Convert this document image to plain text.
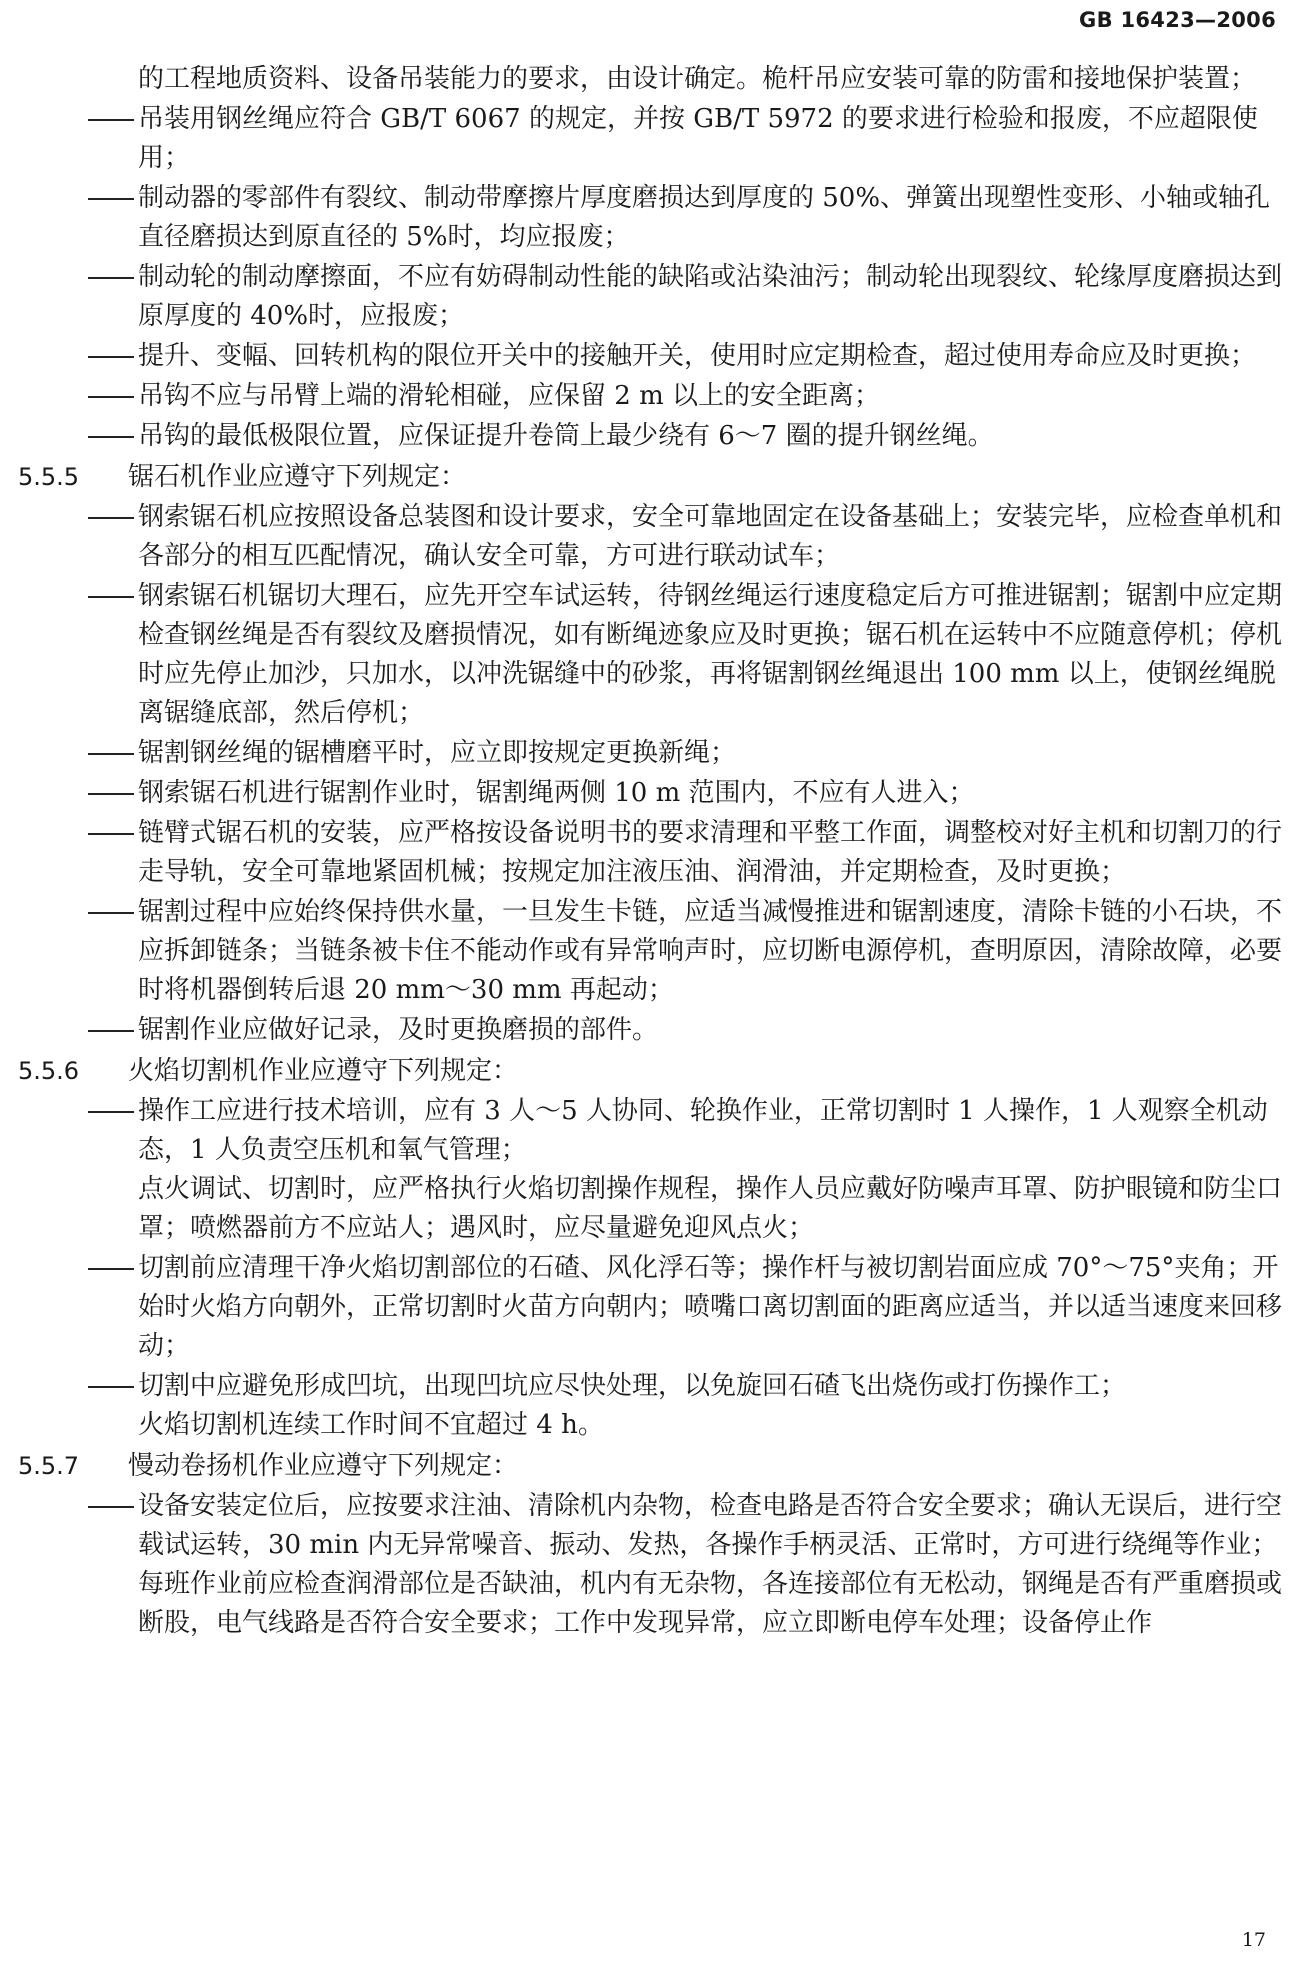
GB 16423—2006

的工程地质资料、设备吊装能力的要求，由设计确定。桅杆吊应安装可靠的防雷和接地保护装置；

吊装用钢丝绳应符合 GB/T 6067 的规定，并按 GB/T 5972 的要求进行检验和报废，不应超限使用；

制动器的零部件有裂纹、制动带摩擦片厚度磨损达到厚度的 50%、弹簧出现塑性变形、小轴或轴孔直径磨损达到原直径的 5%时，均应报废；

制动轮的制动摩擦面，不应有妨碍制动性能的缺陷或沾染油污；制动轮出现裂纹、轮缘厚度磨损达到原厚度的 40%时，应报废；

提升、变幅、回转机构的限位开关中的接触开关，使用时应定期检查，超过使用寿命应及时更换；

吊钩不应与吊臂上端的滑轮相碰，应保留 2 m 以上的安全距离；

吊钩的最低极限位置，应保证提升卷筒上最少绕有 6～7 圈的提升钢丝绳。

5.5.5 锯石机作业应遵守下列规定：

钢索锯石机应按照设备总装图和设计要求，安全可靠地固定在设备基础上；安装完毕，应检查单机和各部分的相互匹配情况，确认安全可靠，方可进行联动试车；

钢索锯石机锯切大理石，应先开空车试运转，待钢丝绳运行速度稳定后方可推进锯割；锯割中应定期检查钢丝绳是否有裂纹及磨损情况，如有断绳迹象应及时更换；锯石机在运转中不应随意停机；停机时应先停止加沙，只加水，以冲洗锯缝中的砂浆，再将锯割钢丝绳退出 100 mm 以上，使钢丝绳脱离锯缝底部，然后停机；

锯割钢丝绳的锯槽磨平时，应立即按规定更换新绳；

钢索锯石机进行锯割作业时，锯割绳两侧 10 m 范围内，不应有人进入；

链臂式锯石机的安装，应严格按设备说明书的要求清理和平整工作面，调整校对好主机和切割刀的行走导轨，安全可靠地紧固机械；按规定加注液压油、润滑油，并定期检查，及时更换；

锯割过程中应始终保持供水量，一旦发生卡链，应适当减慢推进和锯割速度，清除卡链的小石块，不应拆卸链条；当链条被卡住不能动作或有异常响声时，应切断电源停机，查明原因，清除故障，必要时将机器倒转后退 20 mm～30 mm 再起动；

锯割作业应做好记录，及时更换磨损的部件。

5.5.6 火焰切割机作业应遵守下列规定：

操作工应进行技术培训，应有 3 人～5 人协同、轮换作业，正常切割时 1 人操作，1 人观察全机动态，1 人负责空压机和氧气管理；

点火调试、切割时，应严格执行火焰切割操作规程，操作人员应戴好防噪声耳罩、防护眼镜和防尘口罩；喷燃器前方不应站人；遇风时，应尽量避免迎风点火；

切割前应清理干净火焰切割部位的石碴、风化浮石等；操作杆与被切割岩面应成 70°～75°夹角；开始时火焰方向朝外，正常切割时火苗方向朝内；喷嘴口离切割面的距离应适当，并以适当速度来回移动；

切割中应避免形成凹坑，出现凹坑应尽快处理，以免旋回石碴飞出烧伤或打伤操作工；

火焰切割机连续工作时间不宜超过 4 h。

5.5.7 慢动卷扬机作业应遵守下列规定：

设备安装定位后，应按要求注油、清除机内杂物，检查电路是否符合安全要求；确认无误后，进行空载试运转，30 min 内无异常噪音、振动、发热，各操作手柄灵活、正常时，方可进行绕绳等作业；

每班作业前应检查润滑部位是否缺油，机内有无杂物，各连接部位有无松动，钢绳是否有严重磨损或断股，电气线路是否符合安全要求；工作中发现异常，应立即断电停车处理；设备停止作

17
